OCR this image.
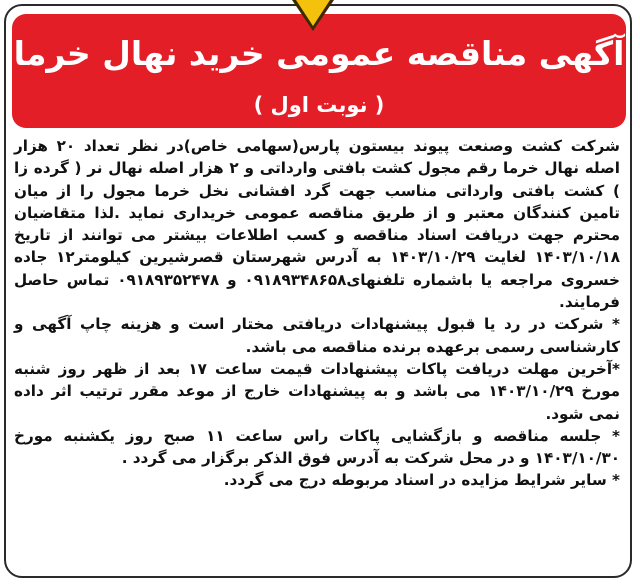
آگهی مناقصه عمومی خرید نهال خرما
( نوبت اول )

شرکت کشت وصنعت پیوند بیستون پارس(سهامی خاص)در نظر تعداد ۲۰ هزار اصله نهال خرما رقم مجول کشت بافتی وارداتی و ۲ هزار اصله نهال نر ( گرده زا ) کشت بافتی وارداتی مناسب جهت گرد افشانی نخل خرما مجول را از میان تامین کنندگان معتبر و از طریق مناقصه عمومی خریداری نماید .لذا متقاضیان محترم جهت دریافت اسناد مناقصه و کسب اطلاعات بیشتر می توانند از تاریخ ۱۴۰۳/۱۰/۱۸ لغایت ۱۴۰۳/۱۰/۲۹ به آدرس شهرستان قصرشیرین کیلومتر۱۲ جاده خسروی مراجعه یا باشماره تلفنهای۰۹۱۸۹۳۴۸۶۵۸ و ۰۹۱۸۹۳۵۲۴۷۸ تماس حاصل فرمایند.

* شرکت در رد یا قبول پیشنهادات دریافتی مختار است و هزینه چاپ آگهی و کارشناسی رسمی برعهده برنده مناقصه می باشد.

*آخرین مهلت دریافت پاکات پیشنهادات قیمت ساعت ۱۷ بعد از ظهر روز شنبه مورخ ۱۴۰۳/۱۰/۲۹ می باشد و به پیشنهادات خارج از موعد مقرر ترتیب اثر داده نمی شود.

* جلسه مناقصه و بازگشایی پاکات راس ساعت ۱۱ صبح روز یکشنبه مورخ ۱۴۰۳/۱۰/۳۰ و در محل شرکت به آدرس فوق الذکر برگزار می گردد .

* سایر شرایط مزایده در اسناد مربوطه درج می گردد.
